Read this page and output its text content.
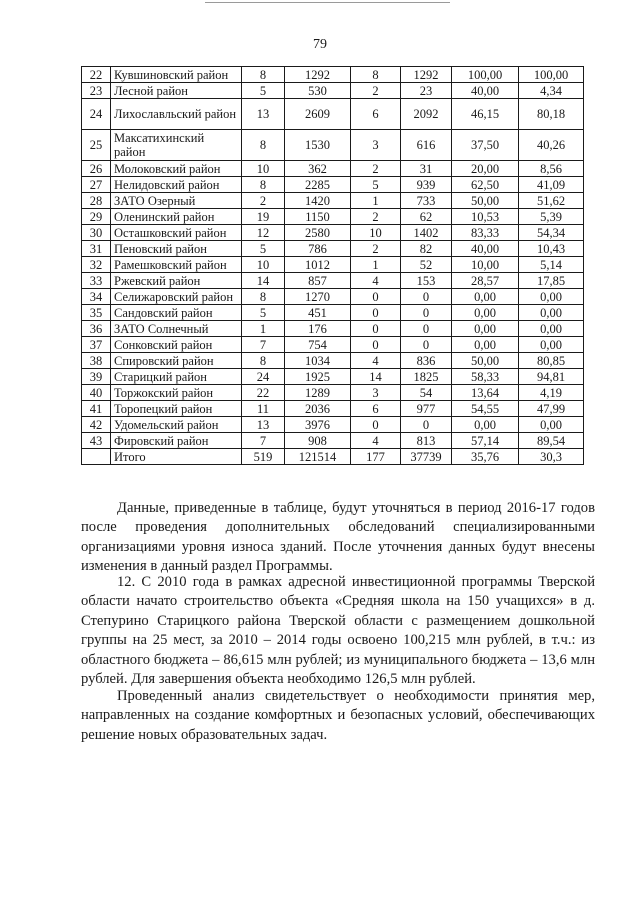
79
22	Кувшиновский район	8	1292	8	1292	100,00	100,00
23	Лесной район	5	530	2	23	40,00	4,34
24	Лихославльский район	13	2609	6	2092	46,15	80,18
25	Максатихинский район	8	1530	3	616	37,50	40,26
26	Молоковский район	10	362	2	31	20,00	8,56
27	Нелидовский район	8	2285	5	939	62,50	41,09
28	ЗАТО Озерный	2	1420	1	733	50,00	51,62
29	Оленинский район	19	1150	2	62	10,53	5,39
30	Осташковский район	12	2580	10	1402	83,33	54,34
31	Пеновский район	5	786	2	82	40,00	10,43
32	Рамешковский район	10	1012	1	52	10,00	5,14
33	Ржевский район	14	857	4	153	28,57	17,85
34	Селижаровский район	8	1270	0	0	0,00	0,00
35	Сандовский район	5	451	0	0	0,00	0,00
36	ЗАТО Солнечный	1	176	0	0	0,00	0,00
37	Сонковский район	7	754	0	0	0,00	0,00
38	Спировский район	8	1034	4	836	50,00	80,85
39	Старицкий район	24	1925	14	1825	58,33	94,81
40	Торжокский район	22	1289	3	54	13,64	4,19
41	Торопецкий район	11	2036	6	977	54,55	47,99
42	Удомельский район	13	3976	0	0	0,00	0,00
43	Фировский район	7	908	4	813	57,14	89,54
	Итого	519	121514	177	37739	35,76	30,3

Данные, приведенные в таблице, будут уточняться в период 2016-17 годов после проведения дополнительных обследований специализированными организациями уровня износа зданий. После уточнения данных будут внесены изменения в данный раздел Программы.

12. С 2010 года в рамках адресной инвестиционной программы Тверской области начато строительство объекта «Средняя школа на 150 учащихся» в д. Степурино Старицкого района Тверской области с размещением дошкольной группы на 25 мест, за 2010 – 2014 годы освоено 100,215 млн рублей, в т.ч.: из областного бюджета – 86,615 млн рублей; из муниципального бюджета – 13,6 млн рублей. Для завершения объекта необходимо 126,5 млн рублей.

Проведенный анализ свидетельствует о необходимости принятия мер, направленных на создание комфортных и безопасных условий, обеспечивающих решение новых образовательных задач.
